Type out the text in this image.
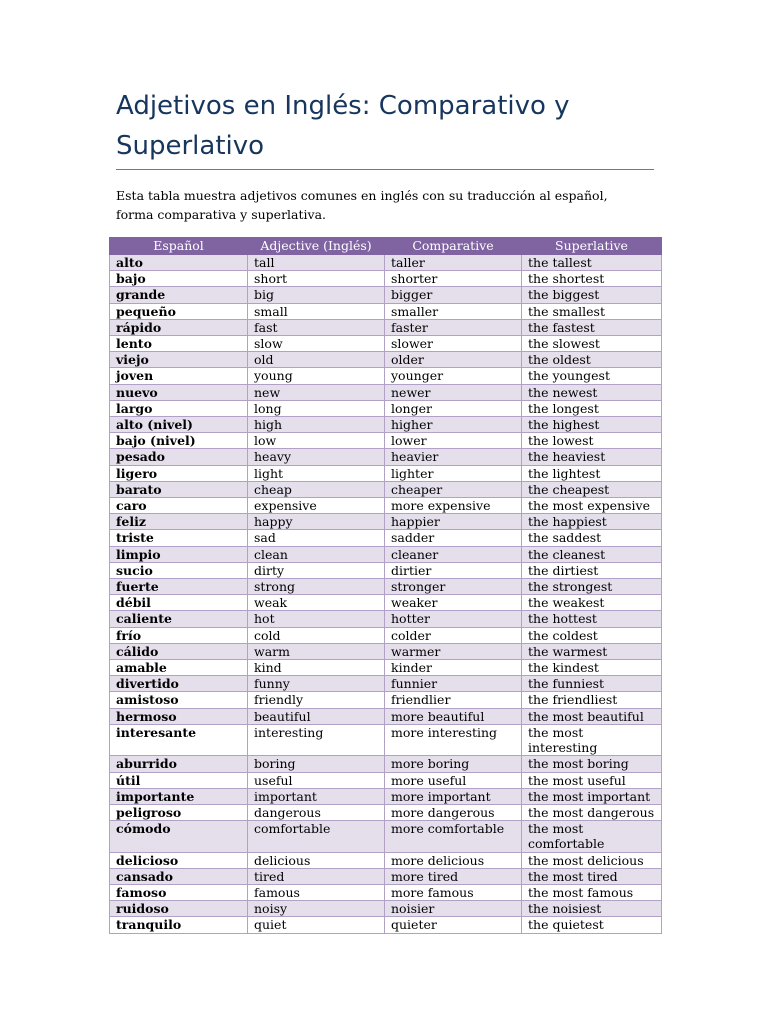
Adjetivos en Inglés: Comparativo y Superlativo

Esta tabla muestra adjetivos comunes en inglés con su traducción al español, forma comparativa y superlativa.

Español	Adjective (Inglés)	Comparative	Superlative
alto	tall	taller	the tallest
bajo	short	shorter	the shortest
grande	big	bigger	the biggest
pequeño	small	smaller	the smallest
rápido	fast	faster	the fastest
lento	slow	slower	the slowest
viejo	old	older	the oldest
joven	young	younger	the youngest
nuevo	new	newer	the newest
largo	long	longer	the longest
alto (nivel)	high	higher	the highest
bajo (nivel)	low	lower	the lowest
pesado	heavy	heavier	the heaviest
ligero	light	lighter	the lightest
barato	cheap	cheaper	the cheapest
caro	expensive	more expensive	the most expensive
feliz	happy	happier	the happiest
triste	sad	sadder	the saddest
limpio	clean	cleaner	the cleanest
sucio	dirty	dirtier	the dirtiest
fuerte	strong	stronger	the strongest
débil	weak	weaker	the weakest
caliente	hot	hotter	the hottest
frío	cold	colder	the coldest
cálido	warm	warmer	the warmest
amable	kind	kinder	the kindest
divertido	funny	funnier	the funniest
amistoso	friendly	friendlier	the friendliest
hermoso	beautiful	more beautiful	the most beautiful
interesante	interesting	more interesting	the most interesting
aburrido	boring	more boring	the most boring
útil	useful	more useful	the most useful
importante	important	more important	the most important
peligroso	dangerous	more dangerous	the most dangerous
cómodo	comfortable	more comfortable	the most comfortable
delicioso	delicious	more delicious	the most delicious
cansado	tired	more tired	the most tired
famoso	famous	more famous	the most famous
ruidoso	noisy	noisier	the noisiest
tranquilo	quiet	quieter	the quietest
